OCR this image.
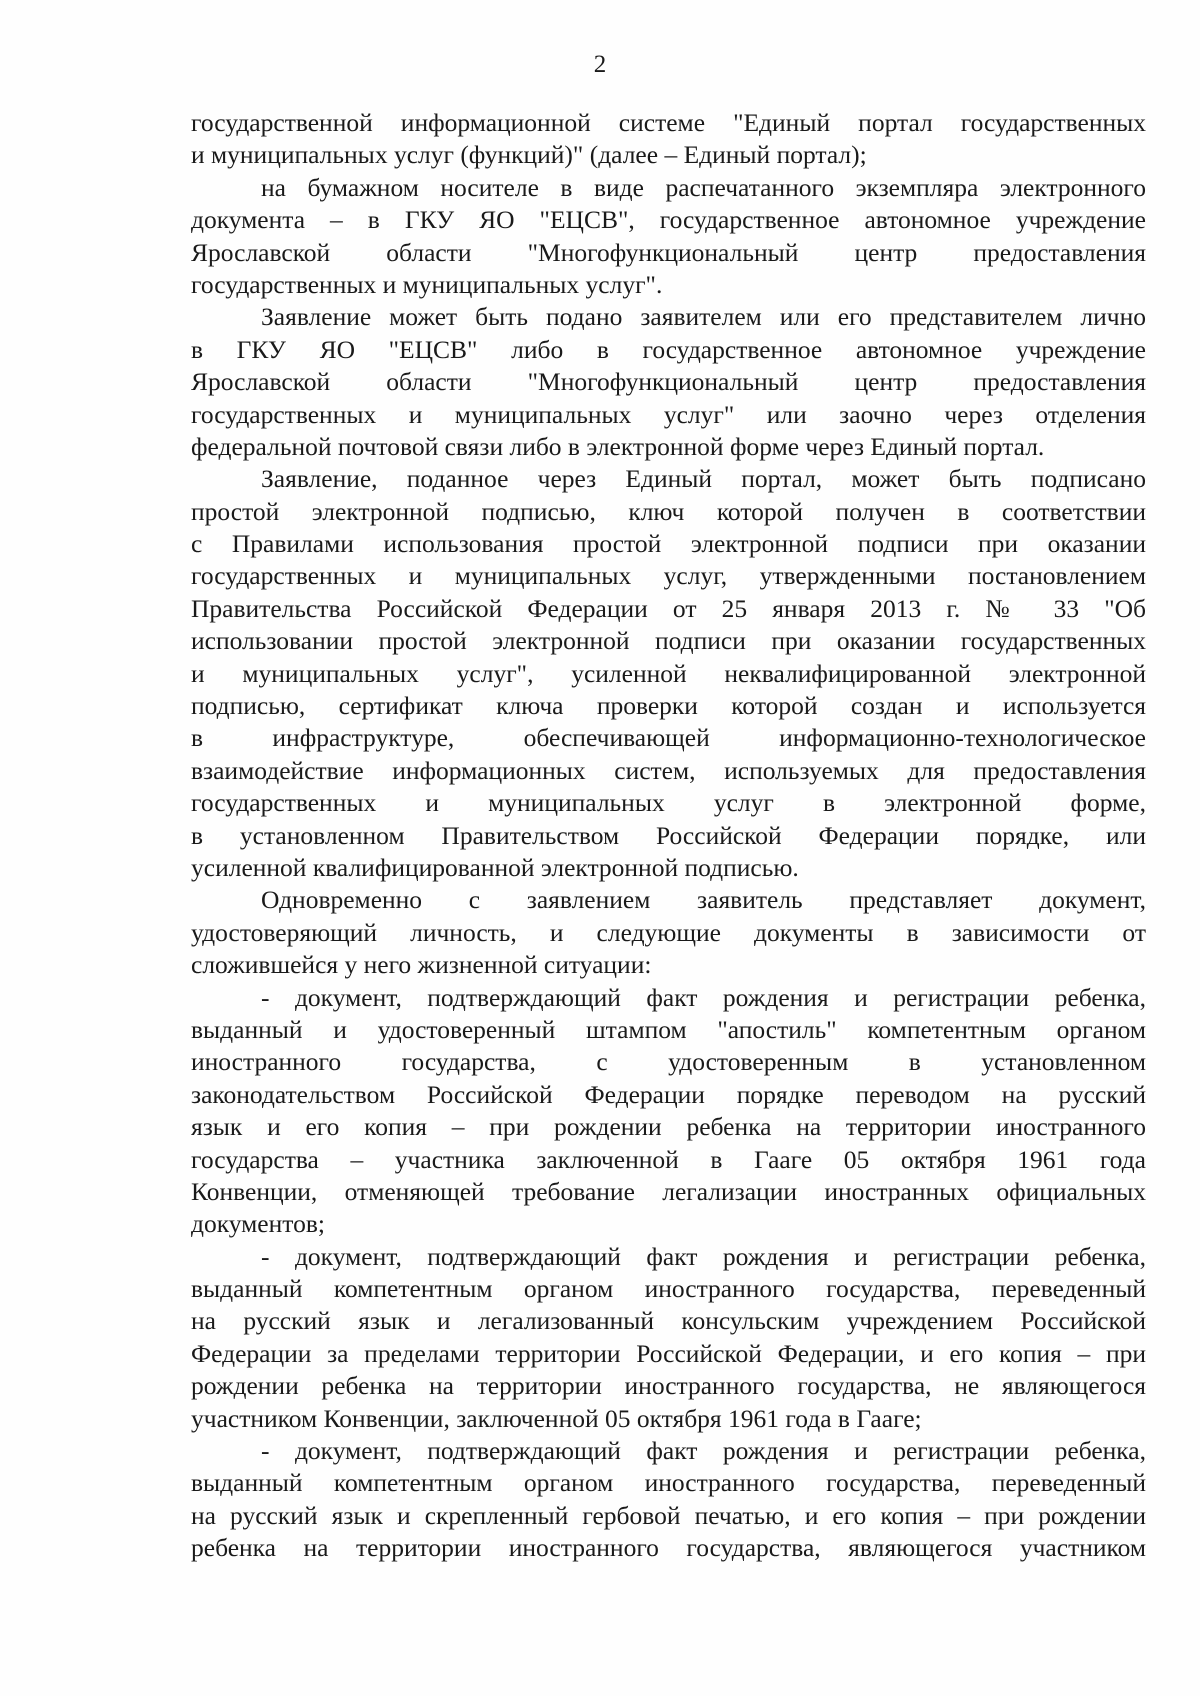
2
государственной информационной системе "Единый портал государственных
и муниципальных услуг (функций)" (далее – Единый портал);
на бумажном носителе в виде распечатанного экземпляра электронного
документа – в ГКУ ЯО "ЕЦСВ", государственное автономное учреждение
Ярославской области "Многофункциональный центр предоставления
государственных и муниципальных услуг".
Заявление может быть подано заявителем или его представителем лично
в ГКУ ЯО "ЕЦСВ" либо в государственное автономное учреждение
Ярославской области "Многофункциональный центр предоставления
государственных и муниципальных услуг" или заочно через отделения
федеральной почтовой связи либо в электронной форме через Единый портал.
Заявление, поданное через Единый портал, может быть подписано
простой электронной подписью, ключ которой получен в соответствии
с Правилами использования простой электронной подписи при оказании
государственных и муниципальных услуг, утвержденными постановлением
Правительства Российской Федерации от 25 января 2013 г. № 33 "Об
использовании простой электронной подписи при оказании государственных
и муниципальных услуг", усиленной неквалифицированной электронной
подписью, сертификат ключа проверки которой создан и используется
в инфраструктуре, обеспечивающей информационно-технологическое
взаимодействие информационных систем, используемых для предоставления
государственных и муниципальных услуг в электронной форме,
в установленном Правительством Российской Федерации порядке, или
усиленной квалифицированной электронной подписью.
Одновременно с заявлением заявитель представляет документ,
удостоверяющий личность, и следующие документы в зависимости от
сложившейся у него жизненной ситуации:
- документ, подтверждающий факт рождения и регистрации ребенка,
выданный и удостоверенный штампом "апостиль" компетентным органом
иностранного государства, с удостоверенным в установленном
законодательством Российской Федерации порядке переводом на русский
язык и его копия – при рождении ребенка на территории иностранного
государства – участника заключенной в Гааге 05 октября 1961 года
Конвенции, отменяющей требование легализации иностранных официальных
документов;
- документ, подтверждающий факт рождения и регистрации ребенка,
выданный компетентным органом иностранного государства, переведенный
на русский язык и легализованный консульским учреждением Российской
Федерации за пределами территории Российской Федерации, и его копия – при
рождении ребенка на территории иностранного государства, не являющегося
участником Конвенции, заключенной 05 октября 1961 года в Гааге;
- документ, подтверждающий факт рождения и регистрации ребенка,
выданный компетентным органом иностранного государства, переведенный
на русский язык и скрепленный гербовой печатью, и его копия – при рождении
ребенка на территории иностранного государства, являющегося участником
